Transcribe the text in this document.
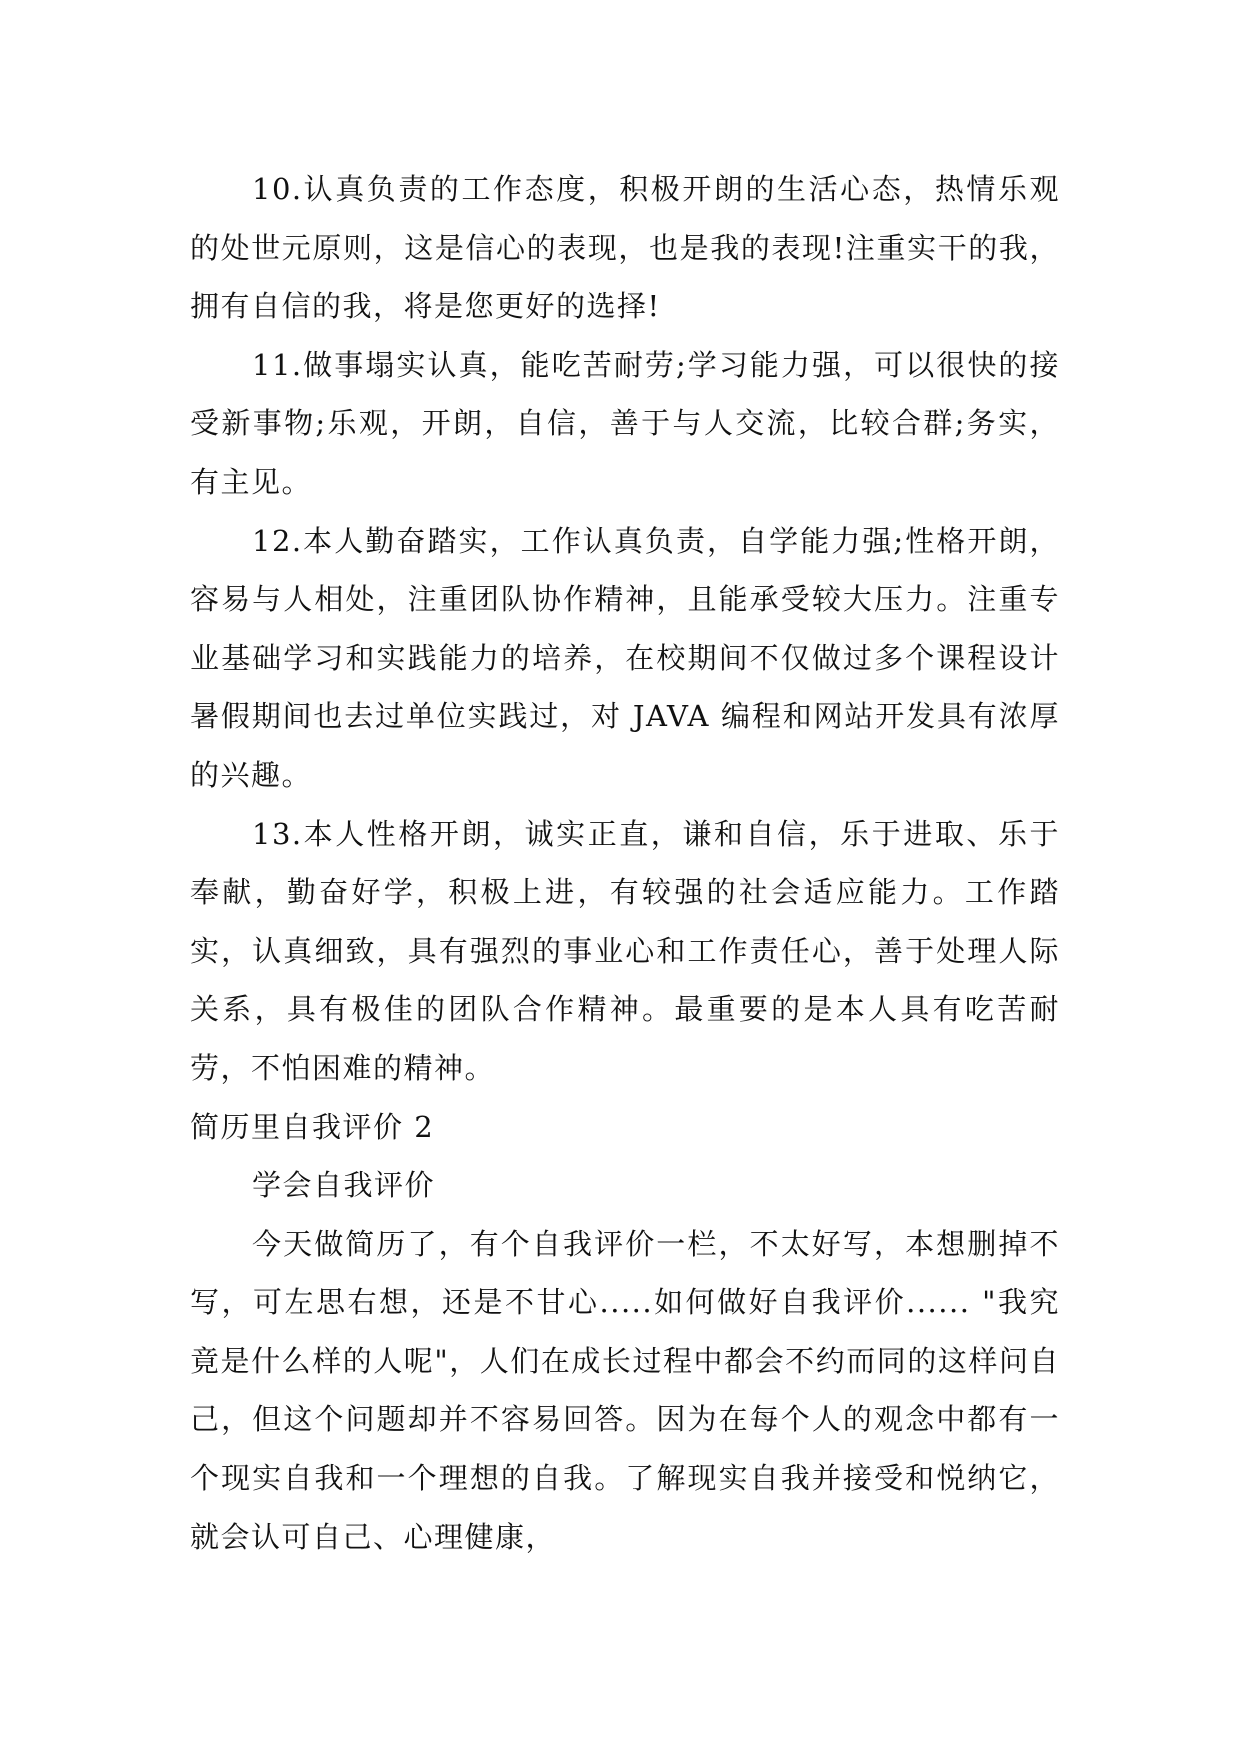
10.认真负责的工作态度，积极开朗的生活心态，热情乐观的处世元原则，这是信心的表现，也是我的表现!注重实干的我，拥有自信的我，将是您更好的选择!

11.做事塌实认真，能吃苦耐劳;学习能力强，可以很快的接受新事物;乐观，开朗，自信，善于与人交流，比较合群;务实，有主见。

12.本人勤奋踏实，工作认真负责，自学能力强;性格开朗，容易与人相处，注重团队协作精神，且能承受较大压力。注重专业基础学习和实践能力的培养，在校期间不仅做过多个课程设计暑假期间也去过单位实践过，对 JAVA 编程和网站开发具有浓厚的兴趣。

13.本人性格开朗，诚实正直，谦和自信，乐于进取、乐于奉献，勤奋好学，积极上进，有较强的社会适应能力。工作踏实，认真细致，具有强烈的事业心和工作责任心，善于处理人际关系，具有极佳的团队合作精神。最重要的是本人具有吃苦耐劳，不怕困难的精神。

简历里自我评价 2

学会自我评价

今天做简历了，有个自我评价一栏，不太好写，本想删掉不写，可左思右想，还是不甘心.....如何做好自我评价...... "我究竟是什么样的人呢"，人们在成长过程中都会不约而同的这样问自己，但这个问题却并不容易回答。因为在每个人的观念中都有一个现实自我和一个理想的自我。了解现实自我并接受和悦纳它，就会认可自己、心理健康，
